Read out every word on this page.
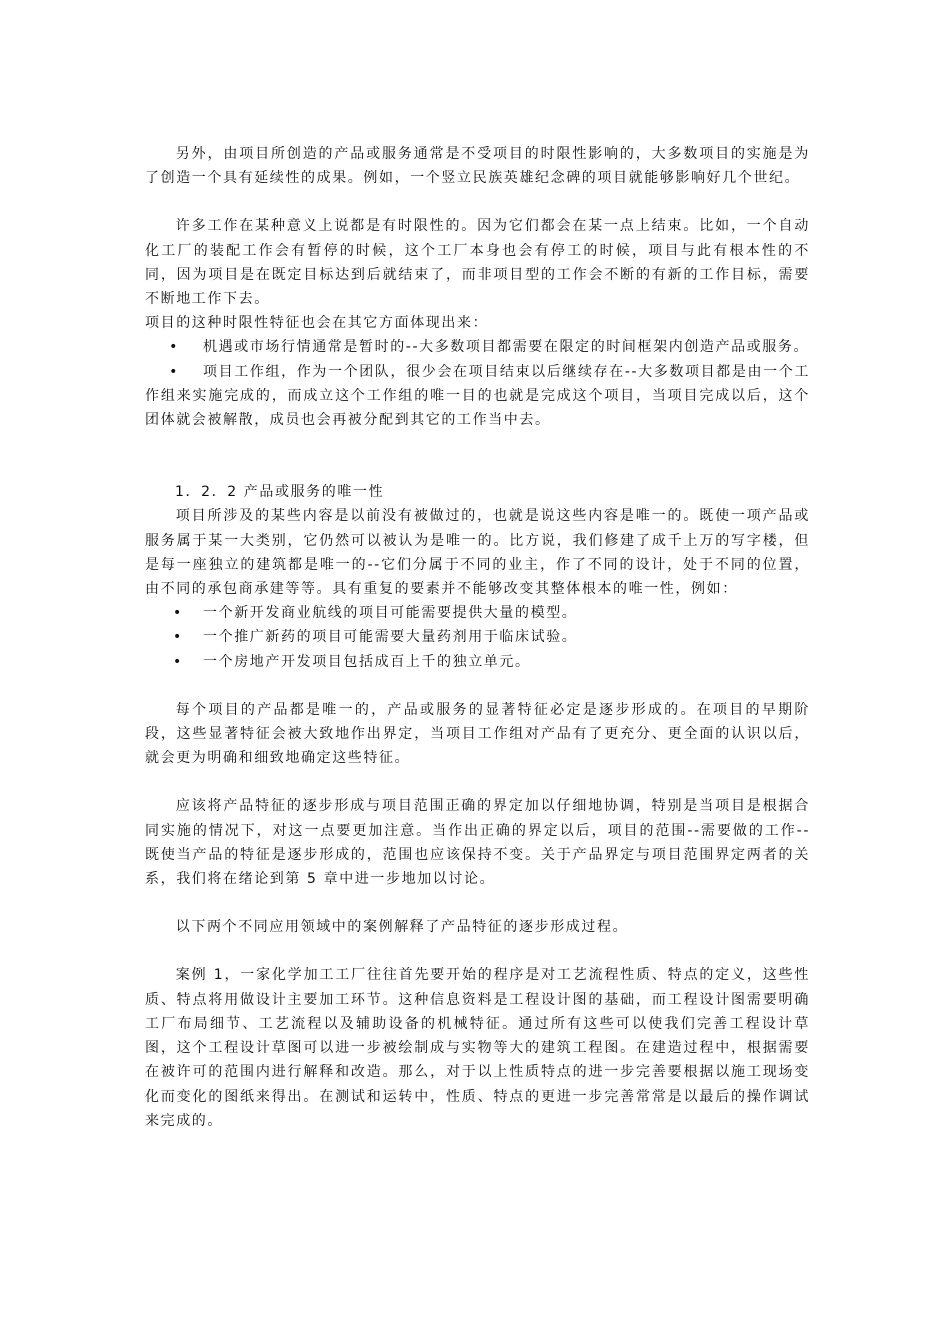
另外，由项目所创造的产品或服务通常是不受项目的时限性影响的，大多数项目的实施是为了创造一个具有延续性的成果。例如，一个竖立民族英雄纪念碑的项目就能够影响好几个世纪。

许多工作在某种意义上说都是有时限性的。因为它们都会在某一点上结束。比如，一个自动化工厂的装配工作会有暂停的时候，这个工厂本身也会有停工的时候，项目与此有根本性的不同，因为项目是在既定目标达到后就结束了，而非项目型的工作会不断的有新的工作目标，需要不断地工作下去。

项目的这种时限性特征也会在其它方面体现出来：

• 机遇或市场行情通常是暂时的--大多数项目都需要在限定的时间框架内创造产品或服务。

• 项目工作组，作为一个团队，很少会在项目结束以后继续存在--大多数项目都是由一个工作组来实施完成的，而成立这个工作组的唯一目的也就是完成这个项目，当项目完成以后，这个团体就会被解散，成员也会再被分配到其它的工作当中去。

1．2．2 产品或服务的唯一性

项目所涉及的某些内容是以前没有被做过的，也就是说这些内容是唯一的。既使一项产品或服务属于某一大类别，它仍然可以被认为是唯一的。比方说，我们修建了成千上万的写字楼，但是每一座独立的建筑都是唯一的--它们分属于不同的业主，作了不同的设计，处于不同的位置，由不同的承包商承建等等。具有重复的要素并不能够改变其整体根本的唯一性，例如：

• 一个新开发商业航线的项目可能需要提供大量的模型。

• 一个推广新药的项目可能需要大量药剂用于临床试验。

• 一个房地产开发项目包括成百上千的独立单元。

每个项目的产品都是唯一的，产品或服务的显著特征必定是逐步形成的。在项目的早期阶段，这些显著特征会被大致地作出界定，当项目工作组对产品有了更充分、更全面的认识以后，就会更为明确和细致地确定这些特征。

应该将产品特征的逐步形成与项目范围正确的界定加以仔细地协调，特别是当项目是根据合同实施的情况下，对这一点要更加注意。当作出正确的界定以后，项目的范围--需要做的工作--既使当产品的特征是逐步形成的，范围也应该保持不变。关于产品界定与项目范围界定两者的关系，我们将在绪论到第 5 章中进一步地加以讨论。

以下两个不同应用领域中的案例解释了产品特征的逐步形成过程。

案例 1，一家化学加工工厂往往首先要开始的程序是对工艺流程性质、特点的定义，这些性质、特点将用做设计主要加工环节。这种信息资料是工程设计图的基础，而工程设计图需要明确工厂布局细节、工艺流程以及辅助设备的机械特征。通过所有这些可以使我们完善工程设计草图，这个工程设计草图可以进一步被绘制成与实物等大的建筑工程图。在建造过程中，根据需要在被许可的范围内进行解释和改造。那么，对于以上性质特点的进一步完善要根据以施工现场变化而变化的图纸来得出。在测试和运转中，性质、特点的更进一步完善常常是以最后的操作调试来完成的。
